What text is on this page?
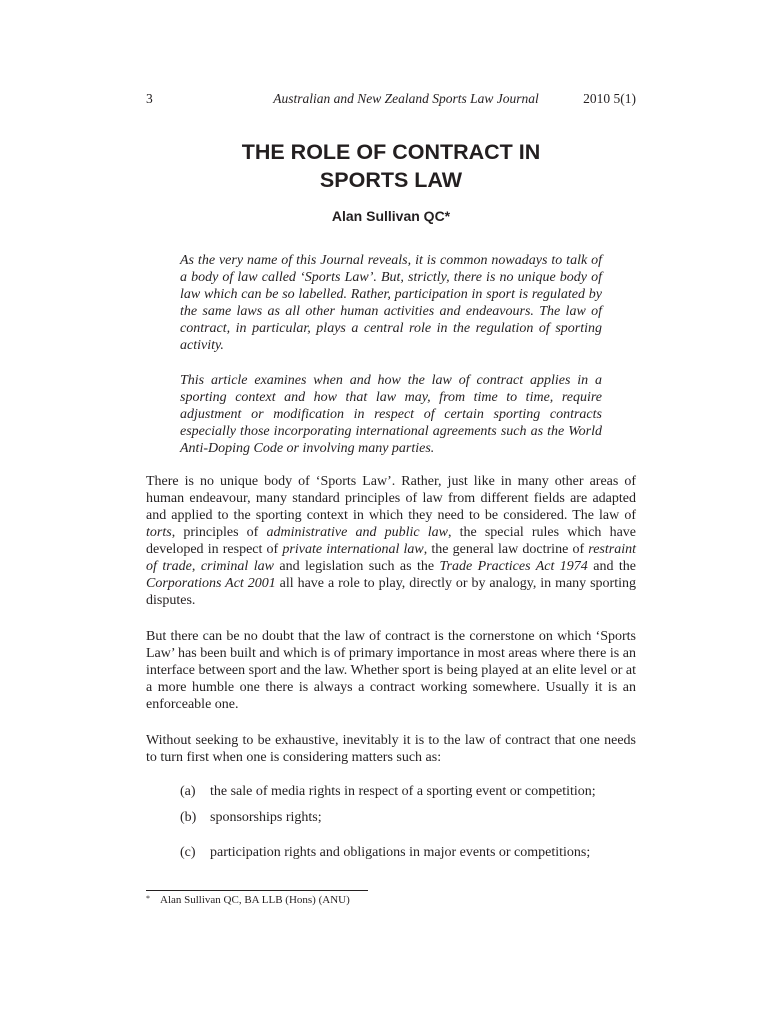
3	Australian and New Zealand Sports Law Journal	2010 5(1)
THE ROLE OF CONTRACT IN
SPORTS LAW
Alan Sullivan QC*

As the very name of this Journal reveals, it is common nowadays to talk of a body of law called ‘Sports Law’. But, strictly, there is no unique body of law which can be so labelled. Rather, participation in sport is regulated by the same laws as all other human activities and endeavours. The law of contract, in particular, plays a central role in the regulation of sporting activity.

This article examines when and how the law of contract applies in a sporting context and how that law may, from time to time, require adjustment or modification in respect of certain sporting contracts especially those incorporating international agreements such as the World Anti-Doping Code or involving many parties.

There is no unique body of ‘Sports Law’. Rather, just like in many other areas of human endeavour, many standard principles of law from different fields are adapted and applied to the sporting context in which they need to be considered. The law of torts, principles of administrative and public law, the special rules which have developed in respect of private international law, the general law doctrine of restraint of trade, criminal law and legislation such as the Trade Practices Act 1974 and the Corporations Act 2001 all have a role to play, directly or by analogy, in many sporting disputes.

But there can be no doubt that the law of contract is the cornerstone on which ‘Sports Law’ has been built and which is of primary importance in most areas where there is an interface between sport and the law. Whether sport is being played at an elite level or at a more humble one there is always a contract working somewhere. Usually it is an enforceable one.

Without seeking to be exhaustive, inevitably it is to the law of contract that one needs to turn first when one is considering matters such as:

(a) the sale of media rights in respect of a sporting event or competition;
(b) sponsorships rights;
(c) participation rights and obligations in major events or competitions;
* Alan Sullivan QC, BA LLB (Hons) (ANU)
